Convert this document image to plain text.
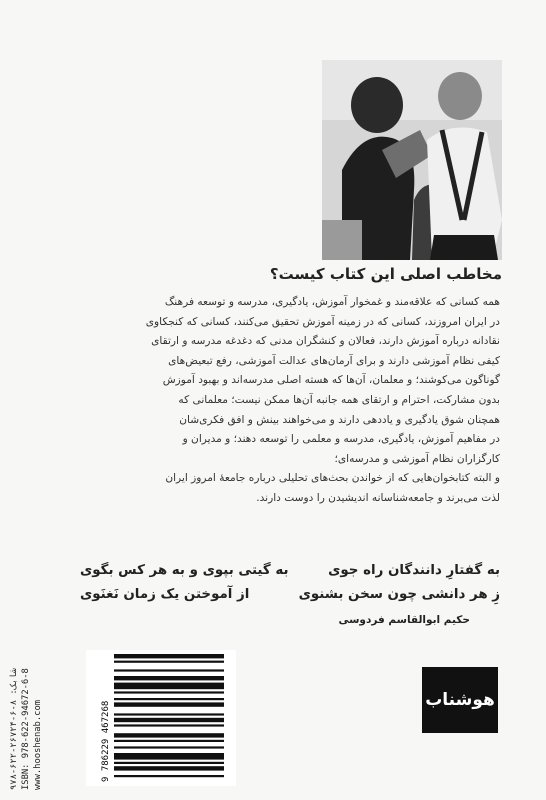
مخاطب اصلی این کتاب کیست؟

همه کسانی که علاقه‌مند و غمخوار آموزش، یادگیری، مدرسه و توسعه فرهنگ

در ایران امروزند، کسانی که در زمینه آموزش تحقیق می‌کنند، کسانی که کنجکاوی

نقادانه درباره آموزش دارند، فعالان و کنشگران مدنی که دغدغه مدرسه و ارتقای

کیفی نظام آموزشی دارند و برای آرمان‌های عدالت آموزشی، رفع تبعیض‌های

گوناگون می‌کوشند؛ و معلمان، آن‌ها که هسته اصلی مدرسه‌اند و بهبود آموزش

بدون مشارکت، احترام و ارتقای همه جانبه آن‌ها ممکن نیست؛ معلمانی که

همچنان شوق یادگیری و یاددهی دارند و می‌خواهند بینش و افق فکری‌شان

در مفاهیم آموزش، یادگیری، مدرسه و معلمی را توسعه دهند؛ و مدیران و

کارگزاران نظام آموزشی و مدرسه‌ای؛

و البته کتابخوان‌هایی که از خواندن بحث‌های تحلیلی درباره جامعهٔ امروز ایران

لذت می‌برند و جامعه‌شناسانه اندیشیدن را دوست دارند.

به گفتارِ دانندگان راه جوی
به گیتی بپوی و به هر کس بگوی
زِ هر دانشی چون سخن بشنوی
از آموختن یک زمان نَغنَوی
حکیم ابوالقاسم فردوسی
شابک: ۸-۶-۲۶۷۲۴-۶۲۲-۹۷۸ ISBN: 978-622-94672-6-8 www.hooshenab.com	9 786229 467268
هوشناب
